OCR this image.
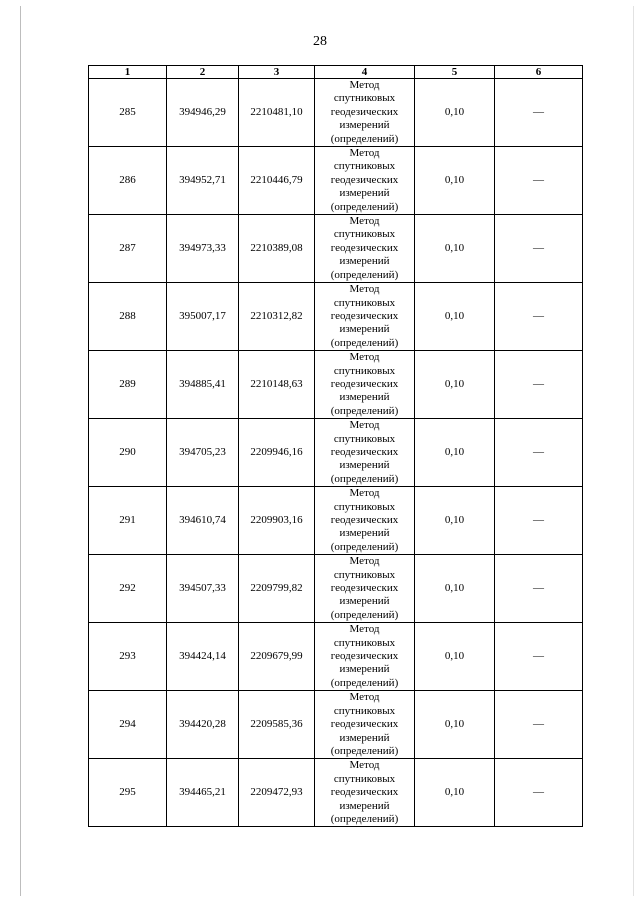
28
1	2	3	4	5	6
285	394946,29	2210481,10	Метод
спутниковых
геодезических
измерений
(определений)	0,10	—
286	394952,71	2210446,79	Метод
спутниковых
геодезических
измерений
(определений)	0,10	—
287	394973,33	2210389,08	Метод
спутниковых
геодезических
измерений
(определений)	0,10	—
288	395007,17	2210312,82	Метод
спутниковых
геодезических
измерений
(определений)	0,10	—
289	394885,41	2210148,63	Метод
спутниковых
геодезических
измерений
(определений)	0,10	—
290	394705,23	2209946,16	Метод
спутниковых
геодезических
измерений
(определений)	0,10	—
291	394610,74	2209903,16	Метод
спутниковых
геодезических
измерений
(определений)	0,10	—
292	394507,33	2209799,82	Метод
спутниковых
геодезических
измерений
(определений)	0,10	—
293	394424,14	2209679,99	Метод
спутниковых
геодезических
измерений
(определений)	0,10	—
294	394420,28	2209585,36	Метод
спутниковых
геодезических
измерений
(определений)	0,10	—
295	394465,21	2209472,93	Метод
спутниковых
геодезических
измерений
(определений)	0,10	—
